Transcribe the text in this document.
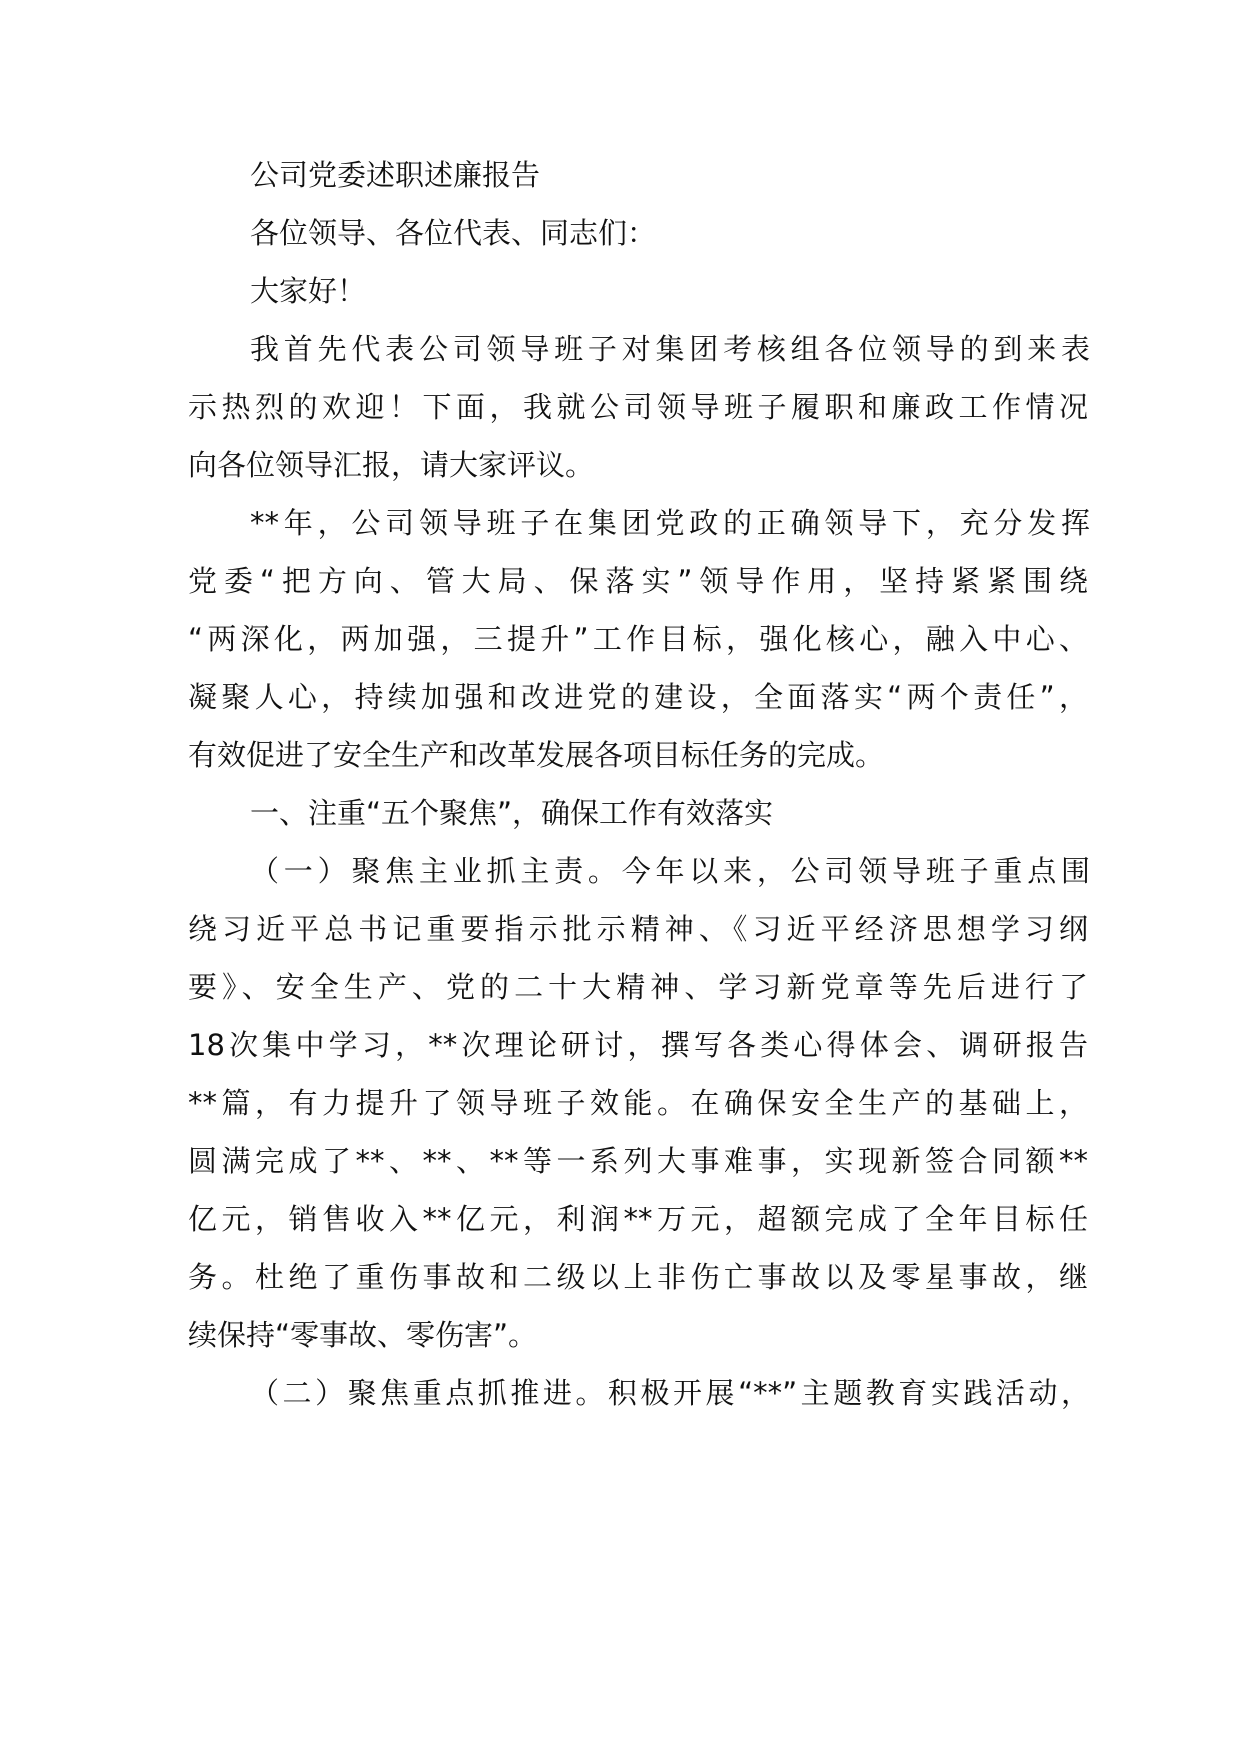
公司党委述职述廉报告
各位领导、各位代表、同志们：
大家好！
我首先代表公司领导班子对集团考核组各位领导的到来表
示热烈的欢迎！下面，我就公司领导班子履职和廉政工作情况
向各位领导汇报，请大家评议。
**年，公司领导班子在集团党政的正确领导下，充分发挥
党委“把方向、管大局、保落实”领导作用，坚持紧紧围绕
“两深化，两加强，三提升”工作目标，强化核心，融入中心、
凝聚人心，持续加强和改进党的建设，全面落实“两个责任”，
有效促进了安全生产和改革发展各项目标任务的完成。
一、注重“五个聚焦”，确保工作有效落实
（一）聚焦主业抓主责。今年以来，公司领导班子重点围
绕习近平总书记重要指示批示精神、《习近平经济思想学习纲
要》、安全生产、党的二十大精神、学习新党章等先后进行了
18次集中学习，**次理论研讨，撰写各类心得体会、调研报告
**篇，有力提升了领导班子效能。在确保安全生产的基础上，
圆满完成了**、**、**等一系列大事难事，实现新签合同额**
亿元，销售收入**亿元，利润**万元，超额完成了全年目标任
务。杜绝了重伤事故和二级以上非伤亡事故以及零星事故，继
续保持“零事故、零伤害”。
（二）聚焦重点抓推进。积极开展“**”主题教育实践活动，
